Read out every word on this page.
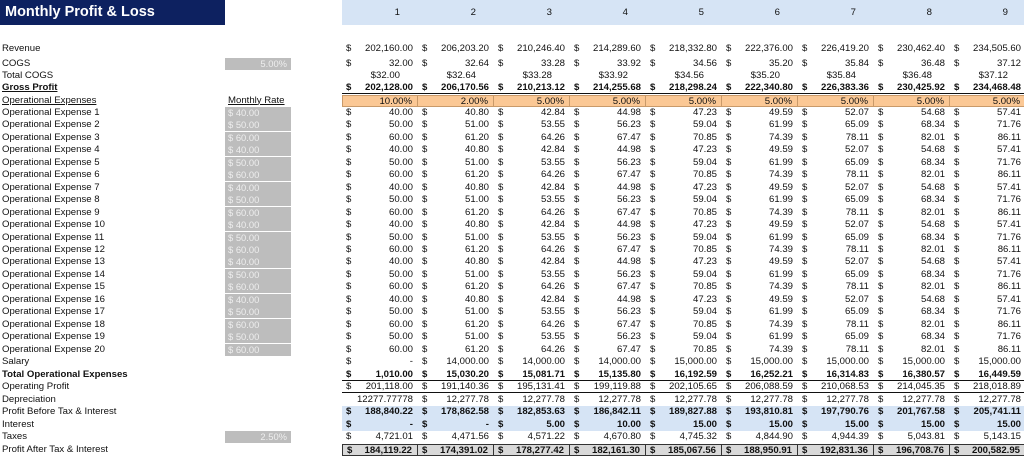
Monthly Profit & Loss Statement
1	2	3	4	5	6	7	8	9
Revenue	$ 202,160.00 $ 206,203.20 $ 210,246.40 $ 214,289.60 $ 218,332.80 $ 222,376.00 $ 226,419.20 $ 230,462.40 $ 234,505.60
COGS	5.00%	$	32.00 $	32.64 $	33.28 $	33.92 $	34.56 $	35.20 $	35.84 $	36.48 $	37.12
Total COGS	$32.00	$32.64	$33.28	$33.92	$34.56	$35.20	$35.84	$36.48	$37.12
Gross Profit	$ 202,128.00 $ 206,170.56 $ 210,213.12 $ 214,255.68 $ 218,298.24 $ 222,340.80 $ 226,383.36 $ 230,425.92 $ 234,468.48
Operational Expenses	Monthly Rate	10.00%	2.00%	5.00%	5.00%	5.00%	5.00%	5.00%	5.00%	5.00%
Operational Expense 1	$ 40.00	$	40.00 $	40.80 $	42.84 $	44.98 $	47.23 $	49.59 $	52.07 $	54.68 $	57.41
Operational Expense 2	$ 50.00	$	50.00 $	51.00 $	53.55 $	56.23 $	59.04 $	61.99 $	65.09 $	68.34 $	71.76
Operational Expense 3	$ 60.00	$	60.00 $	61.20 $	64.26 $	67.47 $	70.85 $	74.39 $	78.11 $	82.01 $	86.11
Operational Expense 4	$ 40.00	$	40.00 $	40.80 $	42.84 $	44.98 $	47.23 $	49.59 $	52.07 $	54.68 $	57.41
Operational Expense 5	$ 50.00	$	50.00 $	51.00 $	53.55 $	56.23 $	59.04 $	61.99 $	65.09 $	68.34 $	71.76
Operational Expense 6	$ 60.00	$	60.00 $	61.20 $	64.26 $	67.47 $	70.85 $	74.39 $	78.11 $	82.01 $	86.11
Operational Expense 7	$ 40.00	$	40.00 $	40.80 $	42.84 $	44.98 $	47.23 $	49.59 $	52.07 $	54.68 $	57.41
Operational Expense 8	$ 50.00	$	50.00 $	51.00 $	53.55 $	56.23 $	59.04 $	61.99 $	65.09 $	68.34 $	71.76
Operational Expense 9	$ 60.00	$	60.00 $	61.20 $	64.26 $	67.47 $	70.85 $	74.39 $	78.11 $	82.01 $	86.11
Operational Expense 10	$ 40.00	$	40.00 $	40.80 $	42.84 $	44.98 $	47.23 $	49.59 $	52.07 $	54.68 $	57.41
Operational Expense 11	$ 50.00	$	50.00 $	51.00 $	53.55 $	56.23 $	59.04 $	61.99 $	65.09 $	68.34 $	71.76
Operational Expense 12	$ 60.00	$	60.00 $	61.20 $	64.26 $	67.47 $	70.85 $	74.39 $	78.11 $	82.01 $	86.11
Operational Expense 13	$ 40.00	$	40.00 $	40.80 $	42.84 $	44.98 $	47.23 $	49.59 $	52.07 $	54.68 $	57.41
Operational Expense 14	$ 50.00	$	50.00 $	51.00 $	53.55 $	56.23 $	59.04 $	61.99 $	65.09 $	68.34 $	71.76
Operational Expense 15	$ 60.00	$	60.00 $	61.20 $	64.26 $	67.47 $	70.85 $	74.39 $	78.11 $	82.01 $	86.11
Operational Expense 16	$ 40.00	$	40.00 $	40.80 $	42.84 $	44.98 $	47.23 $	49.59 $	52.07 $	54.68 $	57.41
Operational Expense 17	$ 50.00	$	50.00 $	51.00 $	53.55 $	56.23 $	59.04 $	61.99 $	65.09 $	68.34 $	71.76
Operational Expense 18	$ 60.00	$	60.00 $	61.20 $	64.26 $	67.47 $	70.85 $	74.39 $	78.11 $	82.01 $	86.11
Operational Expense 19	$ 50.00	$	50.00 $	51.00 $	53.55 $	56.23 $	59.04 $	61.99 $	65.09 $	68.34 $	71.76
Operational Expense 20	$ 60.00	$	60.00 $	61.20 $	64.26 $	67.47 $	70.85 $	74.39 $	78.11 $	82.01 $	86.11
Salary	$	- $ 14,000.00 $ 14,000.00 $ 14,000.00 $ 15,000.00 $ 15,000.00 $ 15,000.00 $ 15,000.00 $ 15,000.00
Total Operational Expenses	$	1,010.00 $ 15,030.20 $ 15,081.71 $ 15,135.80 $ 16,192.59 $ 16,252.21 $ 16,314.83 $ 16,380.57 $ 16,449.59
Operating Profit	$ 201,118.00 $ 191,140.36 $ 195,131.41 $ 199,119.88 $ 202,105.65 $ 206,088.59 $ 210,068.53 $ 214,045.35 $ 218,018.89
Depreciation	12277.77778 $ 12,277.78 $ 12,277.78 $ 12,277.78 $ 12,277.78 $ 12,277.78 $ 12,277.78 $ 12,277.78 $ 12,277.78
Profit Before Tax & Interest	$ 188,840.22 $ 178,862.58 $ 182,853.63 $ 186,842.11 $ 189,827.88 $ 193,810.81 $ 197,790.76 $ 201,767.58 $ 205,741.11
Interest	$	- $	- $	5.00 $	10.00 $	15.00 $	15.00 $	15.00 $	15.00 $	15.00
Taxes	2.50%	$	4,721.01 $	4,471.56 $	4,571.22 $	4,670.80 $	4,745.32 $	4,844.90 $	4,944.39 $	5,043.81 $	5,143.15
Profit After Tax & Interest	$ 184,119.22 $ 174,391.02 $ 178,277.42 $ 182,161.30 $ 185,067.56 $ 188,950.91 $ 192,831.36 $ 196,708.76 $ 200,582.95
